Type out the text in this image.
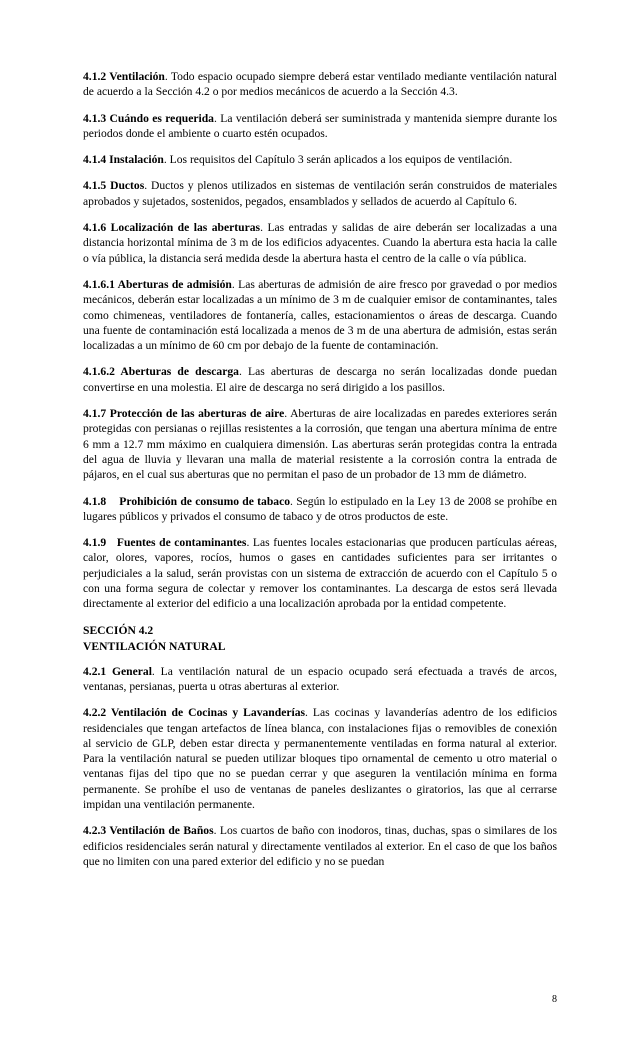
4.1.2 Ventilación. Todo espacio ocupado siempre deberá estar ventilado mediante ventilación natural de acuerdo a la Sección 4.2 o por medios mecánicos de acuerdo a la Sección 4.3.

4.1.3 Cuándo es requerida. La ventilación deberá ser suministrada y mantenida siempre durante los periodos donde el ambiente o cuarto estén ocupados.

4.1.4 Instalación. Los requisitos del Capítulo 3 serán aplicados a los equipos de ventilación.

4.1.5 Ductos. Ductos y plenos utilizados en sistemas de ventilación serán construidos de materiales aprobados y sujetados, sostenidos, pegados, ensamblados y sellados de acuerdo al Capítulo 6.

4.1.6 Localización de las aberturas. Las entradas y salidas de aire deberán ser localizadas a una distancia horizontal mínima de 3 m de los edificios adyacentes. Cuando la abertura esta hacia la calle o vía pública, la distancia será medida desde la abertura hasta el centro de la calle o vía pública.

4.1.6.1 Aberturas de admisión. Las aberturas de admisión de aire fresco por gravedad o por medios mecánicos, deberán estar localizadas a un mínimo de 3 m de cualquier emisor de contaminantes, tales como chimeneas, ventiladores de fontanería, calles, estacionamientos o áreas de descarga. Cuando una fuente de contaminación está localizada a menos de 3 m de una abertura de admisión, estas serán localizadas a un mínimo de 60 cm por debajo de la fuente de contaminación.

4.1.6.2 Aberturas de descarga. Las aberturas de descarga no serán localizadas donde puedan convertirse en una molestia. El aire de descarga no será dirigido a los pasillos.

4.1.7 Protección de las aberturas de aire. Aberturas de aire localizadas en paredes exteriores serán protegidas con persianas o rejillas resistentes a la corrosión, que tengan una abertura mínima de entre 6 mm a 12.7 mm máximo en cualquiera dimensión. Las aberturas serán protegidas contra la entrada del agua de lluvia y llevaran una malla de material resistente a la corrosión contra la entrada de pájaros, en el cual sus aberturas que no permitan el paso de un probador de 13 mm de diámetro.

4.1.8    Prohibición de consumo de tabaco. Según lo estipulado en la Ley 13 de 2008 se prohíbe en lugares públicos y privados el consumo de tabaco y de otros productos de este.

4.1.9   Fuentes de contaminantes. Las fuentes locales estacionarias que producen partículas aéreas, calor, olores, vapores, rocíos, humos o gases en cantidades suficientes para ser irritantes o perjudiciales a la salud, serán provistas con un sistema de extracción de acuerdo con el Capítulo 5 o con una forma segura de colectar y remover los contaminantes. La descarga de estos será llevada directamente al exterior del edificio a una localización aprobada por la entidad competente.

SECCIÓN 4.2
VENTILACIÓN NATURAL

4.2.1 General. La ventilación natural de un espacio ocupado será efectuada a través de arcos, ventanas, persianas, puerta u otras aberturas al exterior.

4.2.2 Ventilación de Cocinas y Lavanderías. Las cocinas y lavanderías adentro de los edificios residenciales que tengan artefactos de línea blanca, con instalaciones fijas o removibles de conexión al servicio de GLP, deben estar directa y permanentemente ventiladas en forma natural al exterior. Para la ventilación natural se pueden utilizar bloques tipo ornamental de cemento u otro material o ventanas fijas del tipo que no se puedan cerrar y que aseguren la ventilación mínima en forma permanente. Se prohíbe el uso de ventanas de paneles deslizantes o giratorios, las que al cerrarse impidan una ventilación permanente.

4.2.3 Ventilación de Baños. Los cuartos de baño con inodoros, tinas, duchas, spas o similares de los edificios residenciales serán natural y directamente ventilados al exterior. En el caso de que los baños que no limiten con una pared exterior del edificio y no se puedan

8
